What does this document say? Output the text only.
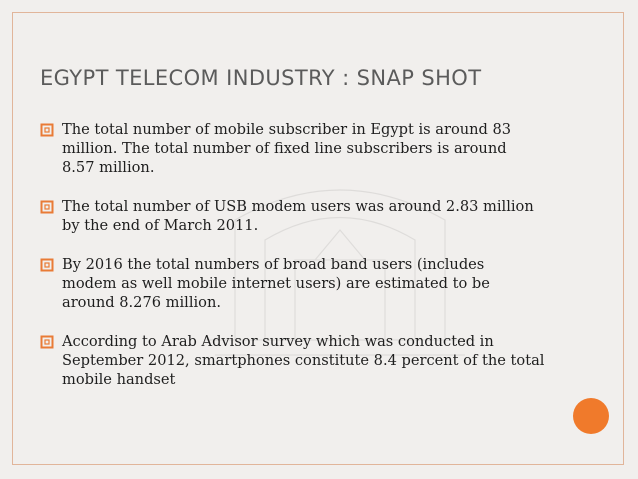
EGYPT TELECOM INDUSTRY : SNAP SHOT
The total number of mobile subscriber in Egypt is around 83
million. The total number of fixed line subscribers is around
8.57 million.
The total number of USB modem users was around 2.83 million
by the end of March 2011.
By 2016 the total numbers of broad band users (includes
modem as well mobile internet users) are estimated to be
around 8.276 million.
According to Arab Advisor survey which was conducted in
September 2012, smartphones constitute 8.4 percent of the total
mobile handset
